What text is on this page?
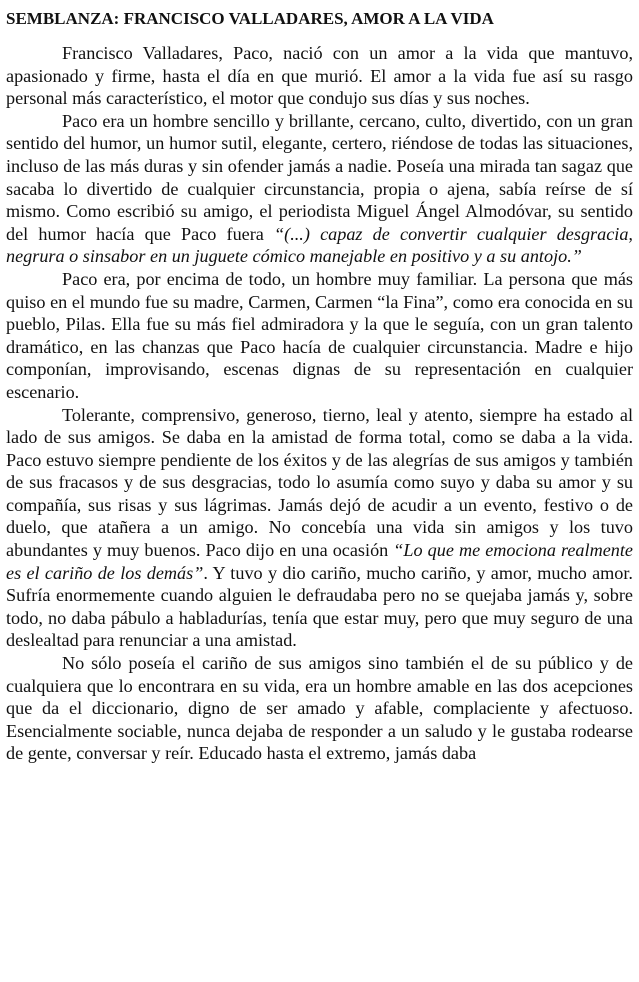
SEMBLANZA: FRANCISCO VALLADARES, AMOR A LA VIDA

Francisco Valladares, Paco, nació con un amor a la vida que mantuvo, apasionado y firme, hasta el día en que murió. El amor a la vida fue así su rasgo personal más característico, el motor que condujo sus días y sus noches.

Paco era un hombre sencillo y brillante, cercano, culto, divertido, con un gran sentido del humor, un humor sutil, elegante, certero, riéndose de todas las situaciones, incluso de las más duras y sin ofender jamás a nadie. Poseía una mirada tan sagaz que sacaba lo divertido de cualquier circunstancia, propia o ajena, sabía reírse de sí mismo. Como escribió su amigo, el periodista Miguel Ángel Almodóvar, su sentido del humor hacía que Paco fuera “(...) capaz de convertir cualquier desgracia, negrura o sinsabor en un juguete cómico manejable en positivo y a su antojo.”

Paco era, por encima de todo, un hombre muy familiar. La persona que más quiso en el mundo fue su madre, Carmen, Carmen “la Fina”, como era conocida en su pueblo, Pilas. Ella fue su más fiel admiradora y la que le seguía, con un gran talento dramático, en las chanzas que Paco hacía de cualquier circunstancia. Madre e hijo componían, improvisando, escenas dignas de su representación en cualquier escenario.

Tolerante, comprensivo, generoso, tierno, leal y atento, siempre ha estado al lado de sus amigos. Se daba en la amistad de forma total, como se daba a la vida. Paco estuvo siempre pendiente de los éxitos y de las alegrías de sus amigos y también de sus fracasos y de sus desgracias, todo lo asumía como suyo y daba su amor y su compañía, sus risas y sus lágrimas. Jamás dejó de acudir a un evento, festivo o de duelo, que atañera a un amigo. No concebía una vida sin amigos y los tuvo abundantes y muy buenos. Paco dijo en una ocasión “Lo que me emociona realmente es el cariño de los demás”. Y tuvo y dio cariño, mucho cariño, y amor, mucho amor. Sufría enormemente cuando alguien le defraudaba pero no se quejaba jamás y, sobre todo, no daba pábulo a habladurías, tenía que estar muy, pero que muy seguro de una deslealtad para renunciar a una amistad.

No sólo poseía el cariño de sus amigos sino también el de su público y de cualquiera que lo encontrara en su vida, era un hombre amable en las dos acepciones que da el diccionario, digno de ser amado y afable, complaciente y afectuoso. Esencialmente sociable, nunca dejaba de responder a un saludo y le gustaba rodearse de gente, conversar y reír. Educado hasta el extremo, jamás daba
